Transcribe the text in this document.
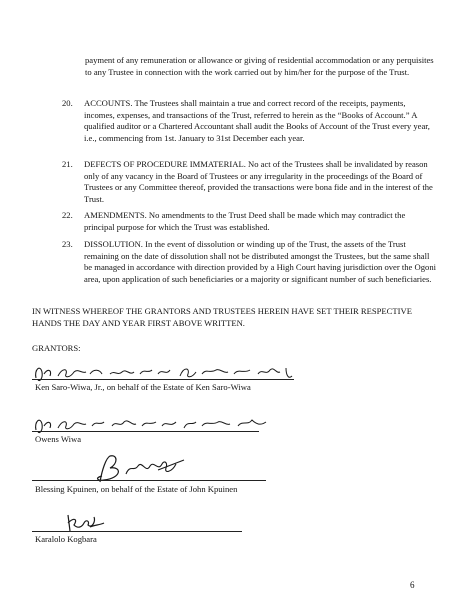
payment of any remuneration or allowance or giving of residential accommodation or any perquisites to any Trustee in connection with the work carried out by him/her for the purpose of the Trust.

20. ACCOUNTS. The Trustees shall maintain a true and correct record of the receipts, payments, incomes, expenses, and transactions of the Trust, referred to herein as the “Books of Account.” A qualified auditor or a Chartered Accountant shall audit the Books of Account of the Trust every year, i.e., commencing from 1st. January to 31st December each year.
21. DEFECTS OF PROCEDURE IMMATERIAL. No act of the Trustees shall be invalidated by reason only of any vacancy in the Board of Trustees or any irregularity in the proceedings of the Board of Trustees or any Committee thereof, provided the transactions were bona fide and in the interest of the Trust.
22. AMENDMENTS. No amendments to the Trust Deed shall be made which may contradict the principal purpose for which the Trust was established.
23. DISSOLUTION. In the event of dissolution or winding up of the Trust, the assets of the Trust remaining on the date of dissolution shall not be distributed amongst the Trustees, but the same shall be managed in accordance with direction provided by a High Court having jurisdiction over the Ogoni area, upon application of such beneficiaries or a majority or significant number of such beneficiaries.

IN WITNESS WHEREOF THE GRANTORS AND TRUSTEES HEREIN HAVE SET THEIR RESPECTIVE HANDS THE DAY AND YEAR FIRST ABOVE WRITTEN.

GRANTORS:
Ken Saro-Wiwa, Jr., on behalf of the Estate of Ken Saro-Wiwa
Owens Wiwa
Blessing Kpuinen, on behalf of the Estate of John Kpuinen
Karalolo Kogbara
6
